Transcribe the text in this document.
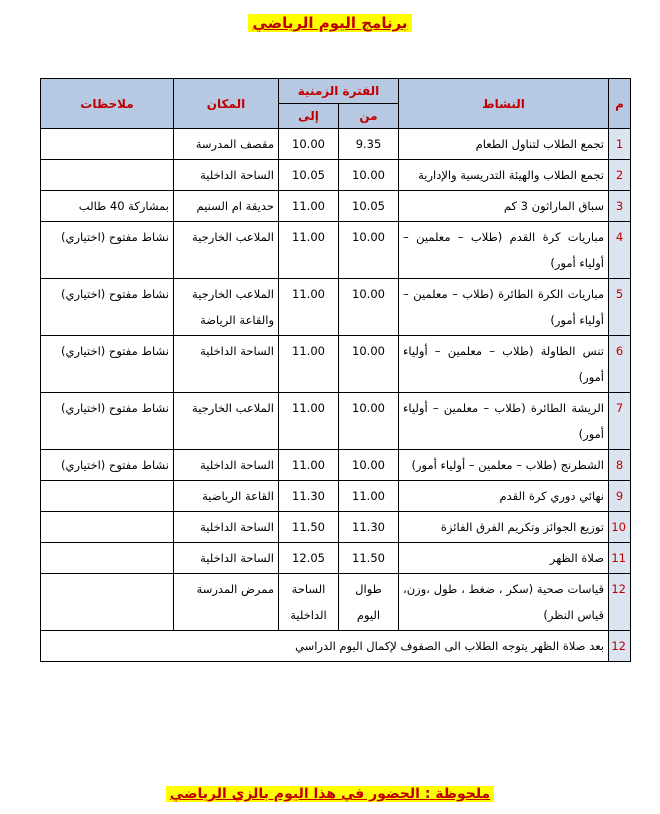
برنامج اليوم الرياضي
م	النشاط	الفترة الزمنية		المكان	ملاحظات
		من	إلى		
1	تجمع الطلاب لتناول الطعام	9.35	10.00	مقصف المدرسة	
2	تجمع الطلاب والهيئة التدريسية والإدارية	10.00	10.05	الساحة الداخلية	
3	سباق الماراثون 3 كم	10.05	11.00	حديقة ام السنيم	بمشاركة 40 طالب
4	مباريات كرة القدم (طلاب – معلمين – أولياء أمور)	10.00	11.00	الملاعب الخارجية	نشاط مفتوح (اختياري)
5	مباريات الكرة الطائرة (طلاب – معلمين – أولياء أمور)	10.00	11.00	الملاعب الخارجية والقاعة الرياضة	نشاط مفتوح (اختياري)
6	تنس الطاولة (طلاب – معلمين – أولياء أمور)	10.00	11.00	الساحة الداخلية	نشاط مفتوح (اختياري)
7	الريشة الطائرة (طلاب – معلمين – أولياء أمور)	10.00	11.00	الملاعب الخارجية	نشاط مفتوح (اختياري)
8	الشطرنج (طلاب – معلمين – أولياء أمور)	10.00	11.00	الساحة الداخلية	نشاط مفتوح (اختياري)
9	نهائي دوري كرة القدم	11.00	11.30	القاعة الرياضية	
10	توزيع الجوائز وتكريم الفرق الفائزة	11.30	11.50	الساحة الداخلية	
11	صلاة الظهر	11.50	12.05	الساحة الداخلية	
12	قياسات صحية (سكر ، ضغط ، طول ،وزن، قياس النظر)	طوال اليوم	الساحة الداخلية	ممرض المدرسة	
12	بعد صلاة الظهر يتوجه الطلاب الى الصفوف لإكمال اليوم الدراسي				
ملحوظة : الحضور في هذا اليوم بالزي الرياضي
